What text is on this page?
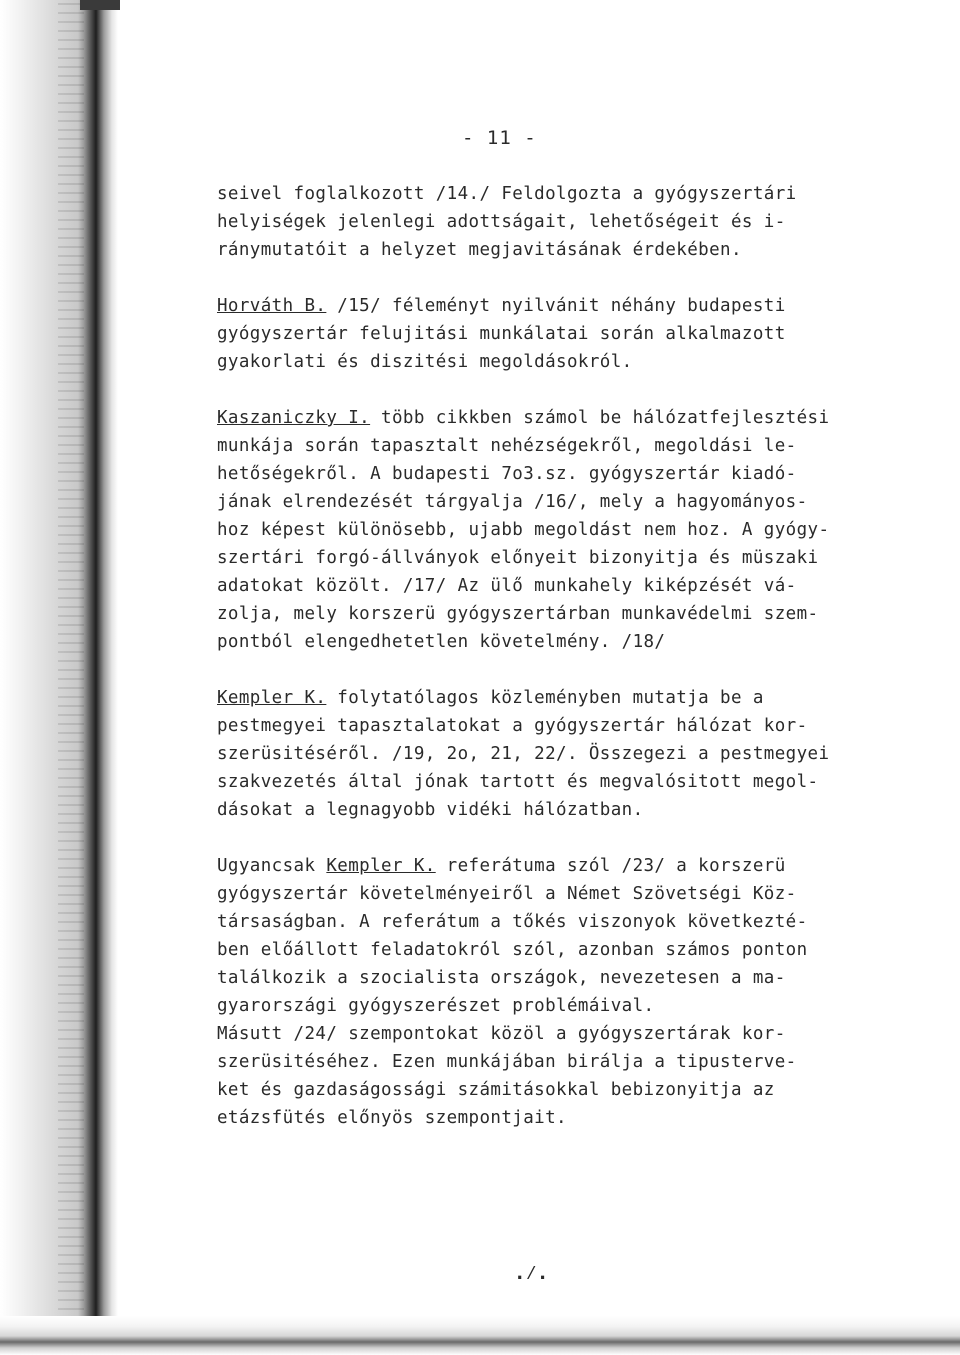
- 11 -
seivel foglalkozott /14./ Feldolgozta a gyógyszertári
helyiségek jelenlegi adottságait, lehetőségeit és i-
ránymutatóit a helyzet megjavitásának érdekében.
Horváth B. /15/ féleményt nyilvánit néhány budapesti
gyógyszertár felujitási munkálatai során alkalmazott
gyakorlati és diszitési megoldásokról.
Kaszaniczky I. több cikkben számol be hálózatfejlesztési
munkája során tapasztalt nehézségekről, megoldási le-
hetőségekről. A budapesti 7o3.sz. gyógyszertár kiadó-
jának elrendezését tárgyalja /16/, mely a hagyományos-
hoz képest különösebb, ujabb megoldást nem hoz. A gyógy-
szertári forgó-állványok előnyeit bizonyitja és müszaki
adatokat közölt. /17/ Az ülő munkahely kiképzését vá-
zolja, mely korszerü gyógyszertárban munkavédelmi szem-
pontból elengedhetetlen követelmény. /18/
Kempler K. folytatólagos közleményben mutatja be a
pestmegyei tapasztalatokat a gyógyszertár hálózat kor-
szerüsitéséről. /19, 2o, 21, 22/. Összegezi a pestmegyei
szakvezetés által jónak tartott és megvalósitott megol-
dásokat a legnagyobb vidéki hálózatban.
Ugyancsak Kempler K. referátuma szól /23/ a korszerü
gyógyszertár követelményeiről a Német Szövetségi Köz-
társaságban. A referátum a tőkés viszonyok következté-
ben előállott feladatokról szól, azonban számos ponton
találkozik a szocialista országok, nevezetesen a ma-
gyarországi gyógyszerészet problémáival.
Másutt /24/ szempontokat közöl a gyógyszertárak kor-
szerüsitéséhez. Ezen munkájában birálja a tipusterve-
ket és gazdaságossági számitásokkal bebizonyitja az
etázsfütés előnyös szempontjait.
.⁄.
